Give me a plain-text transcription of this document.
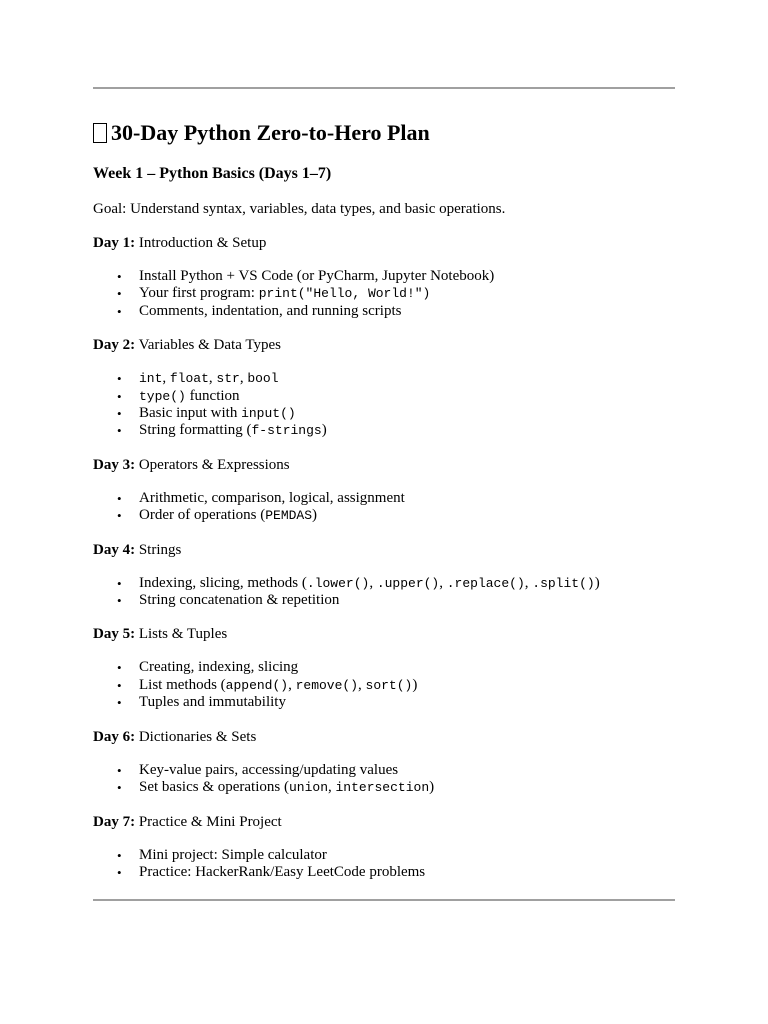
30-Day Python Zero-to-Hero Plan
Week 1 – Python Basics (Days 1–7)

Goal: Understand syntax, variables, data types, and basic operations.

Day 1: Introduction & Setup

• Install Python + VS Code (or PyCharm, Jupyter Notebook)
• Your first program: print("Hello, World!")
• Comments, indentation, and running scripts

Day 2: Variables & Data Types

• int, float, str, bool
• type() function
• Basic input with input()
• String formatting (f-strings)

Day 3: Operators & Expressions

• Arithmetic, comparison, logical, assignment
• Order of operations (PEMDAS)

Day 4: Strings

• Indexing, slicing, methods (.lower(), .upper(), .replace(), .split())
• String concatenation & repetition

Day 5: Lists & Tuples

• Creating, indexing, slicing
• List methods (append(), remove(), sort())
• Tuples and immutability

Day 6: Dictionaries & Sets

• Key-value pairs, accessing/updating values
• Set basics & operations (union, intersection)

Day 7: Practice & Mini Project

• Mini project: Simple calculator
• Practice: HackerRank/Easy LeetCode problems
